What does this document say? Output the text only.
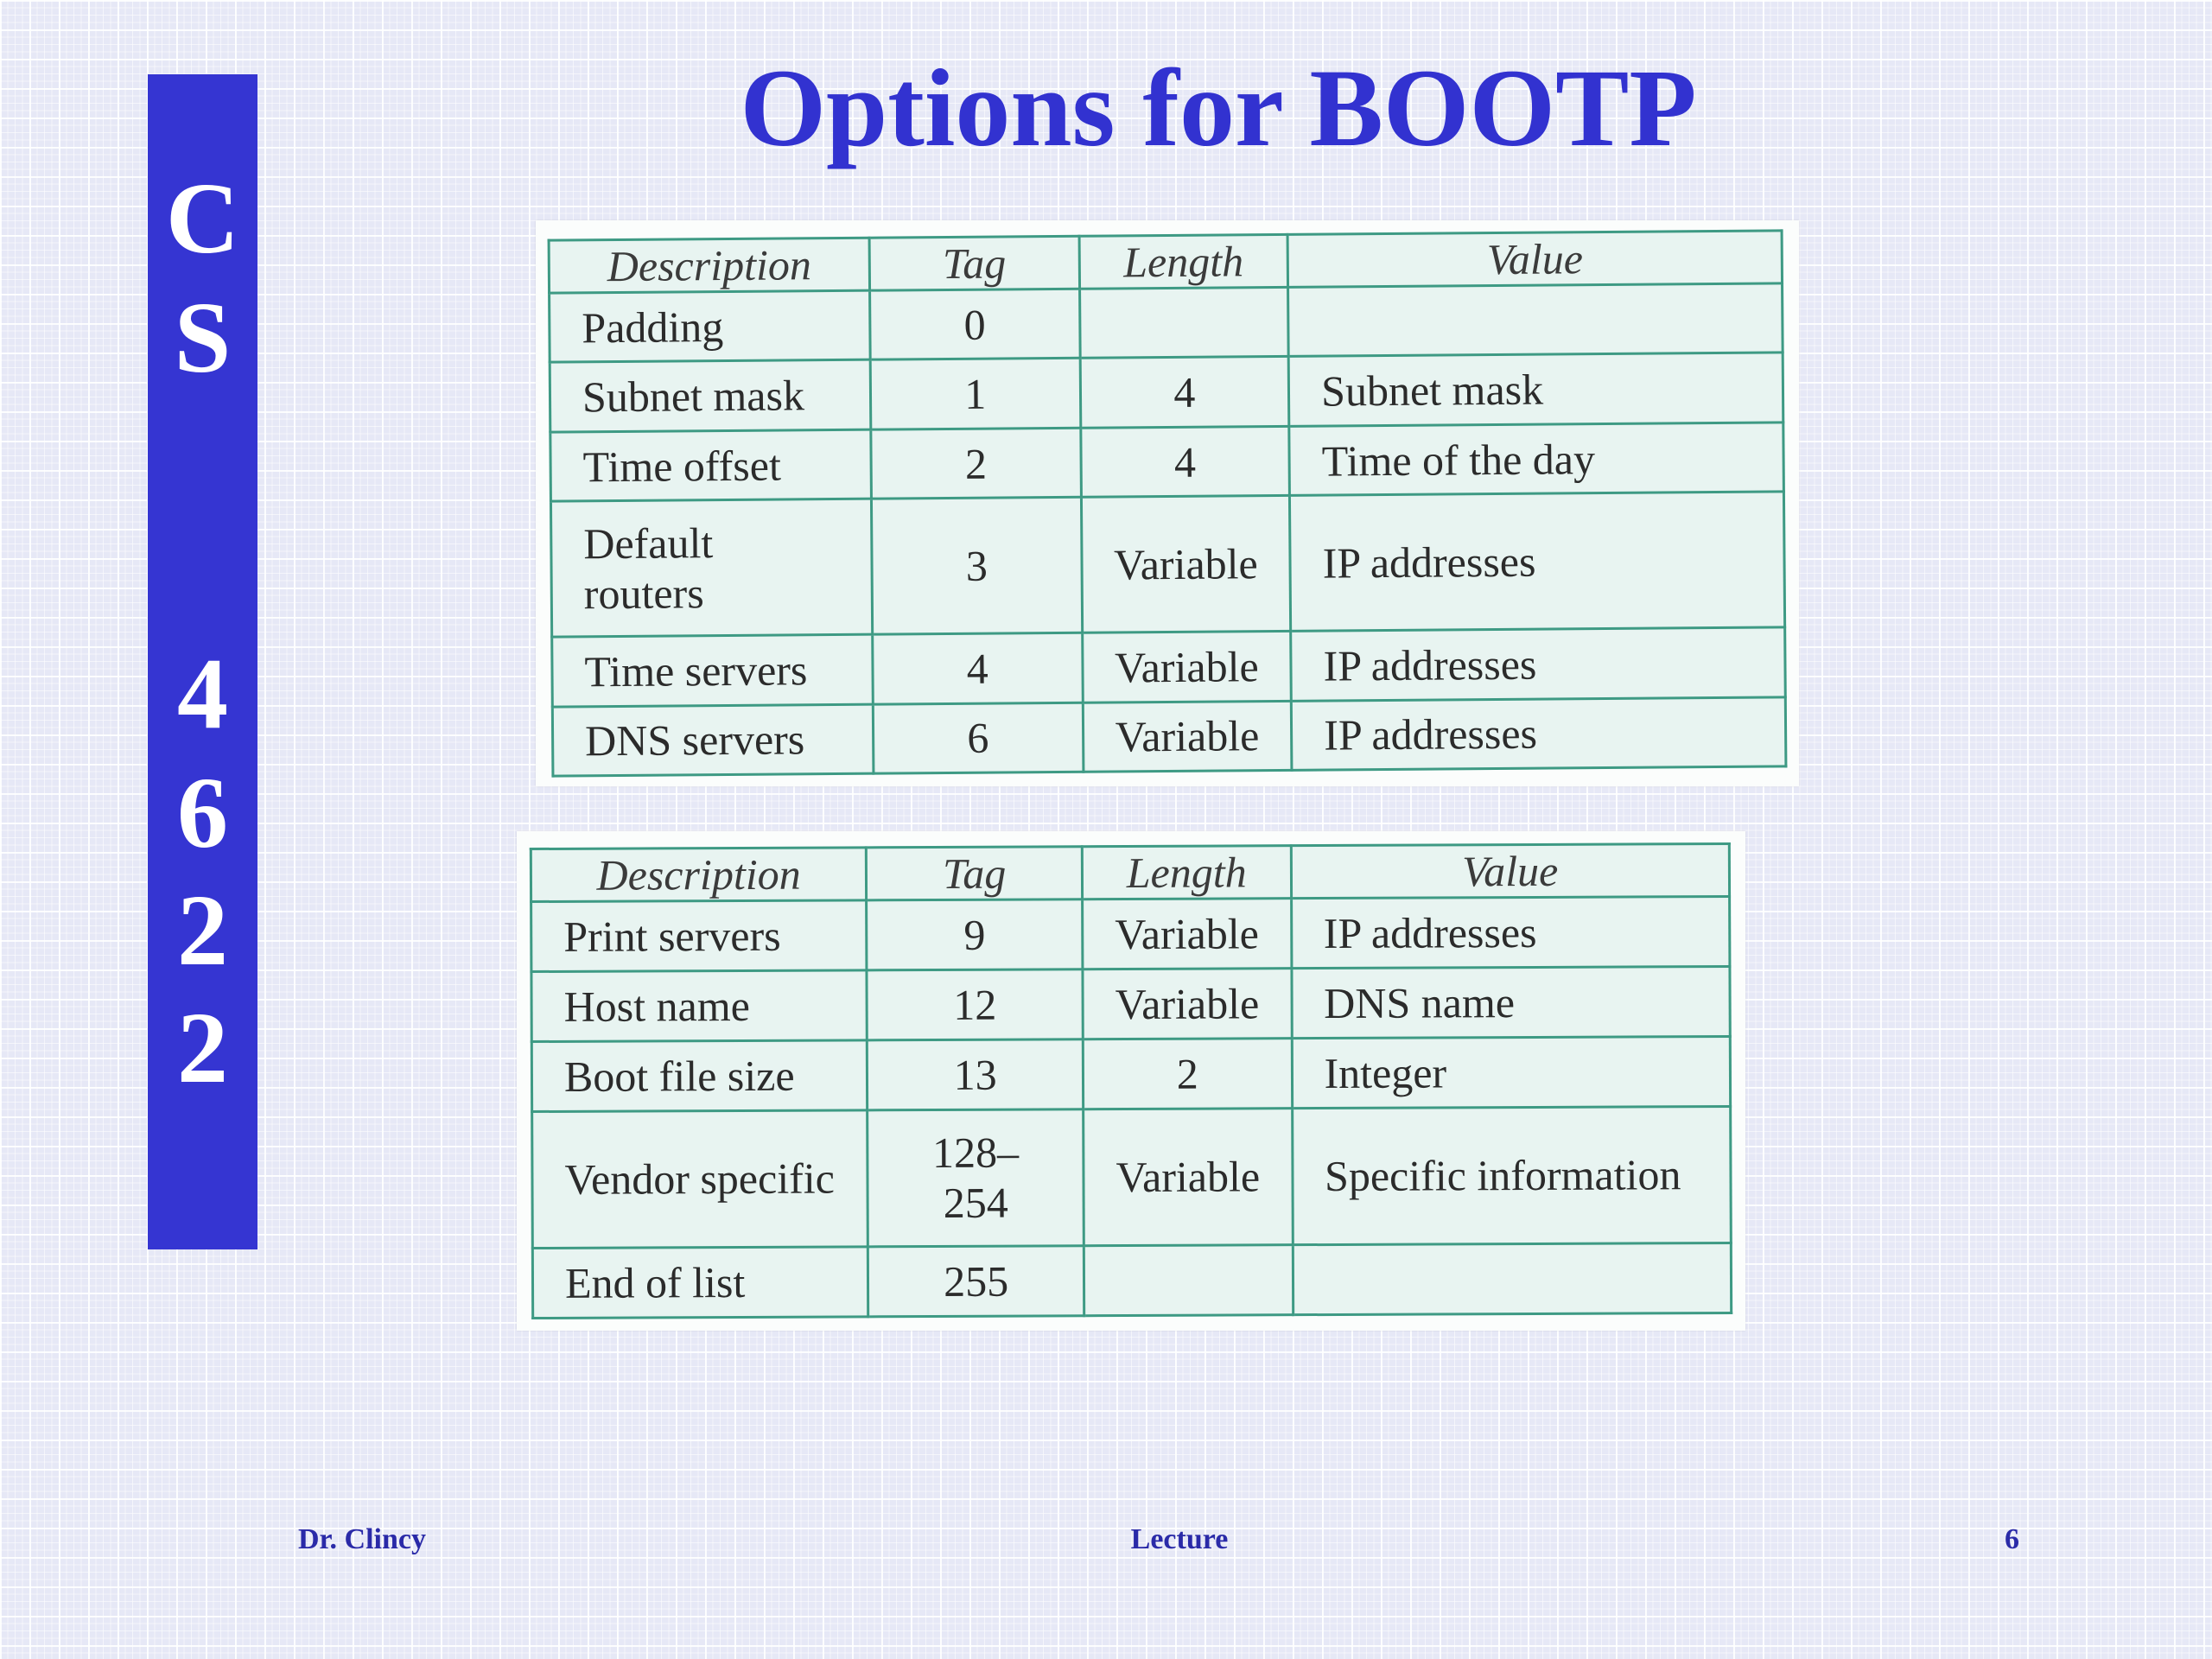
C
S
4
6
2
2
Options for BOOTP
Description	Tag	Length	Value
Padding	0		
Subnet mask	1	4	Subnet mask
Time offset	2	4	Time of the day
Default routers	3	Variable	IP addresses
Time servers	4	Variable	IP addresses
DNS servers	6	Variable	IP addresses
Description	Tag	Length	Value
Print servers	9	Variable	IP addresses
Host name	12	Variable	DNS name
Boot file size	13	2	Integer
Vendor specific	128–254	Variable	Specific information
End of list	255		
Dr. Clincy	Lecture	6
